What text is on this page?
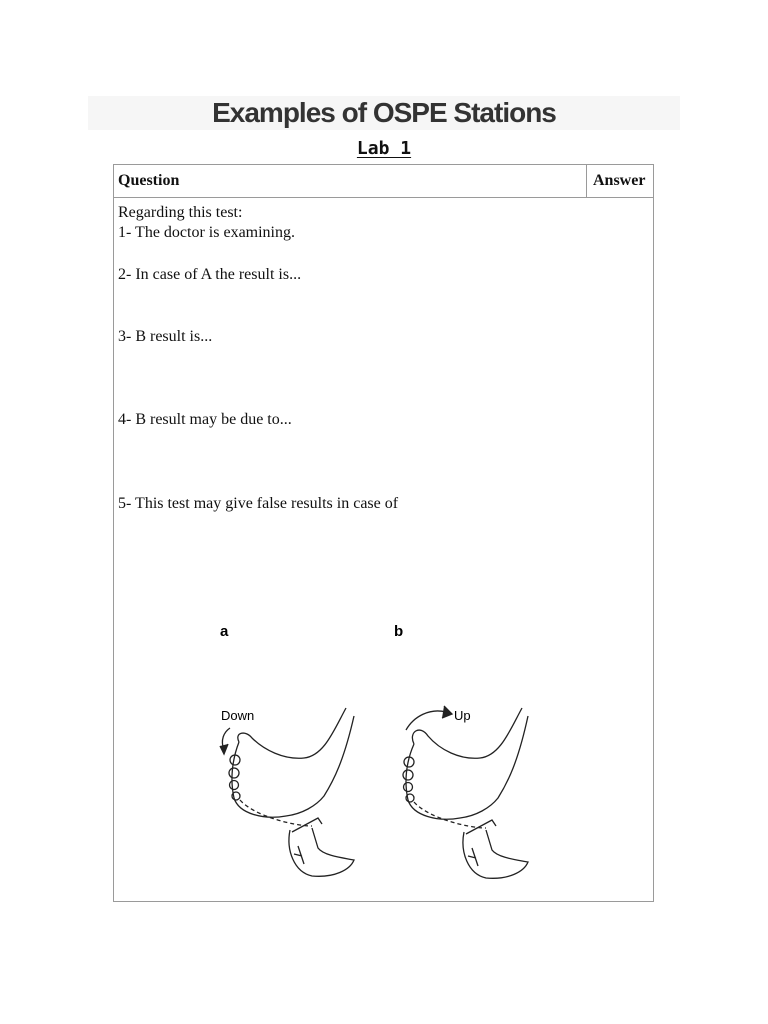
Examples of OSPE Stations
Lab 1
Question	Answer

Regarding this test:

1- The doctor is examining.

2- In case of A the result is...

3- B result is...

4- B result may be due to...

5- This test may give false results in case of

a	b
Down	Up
